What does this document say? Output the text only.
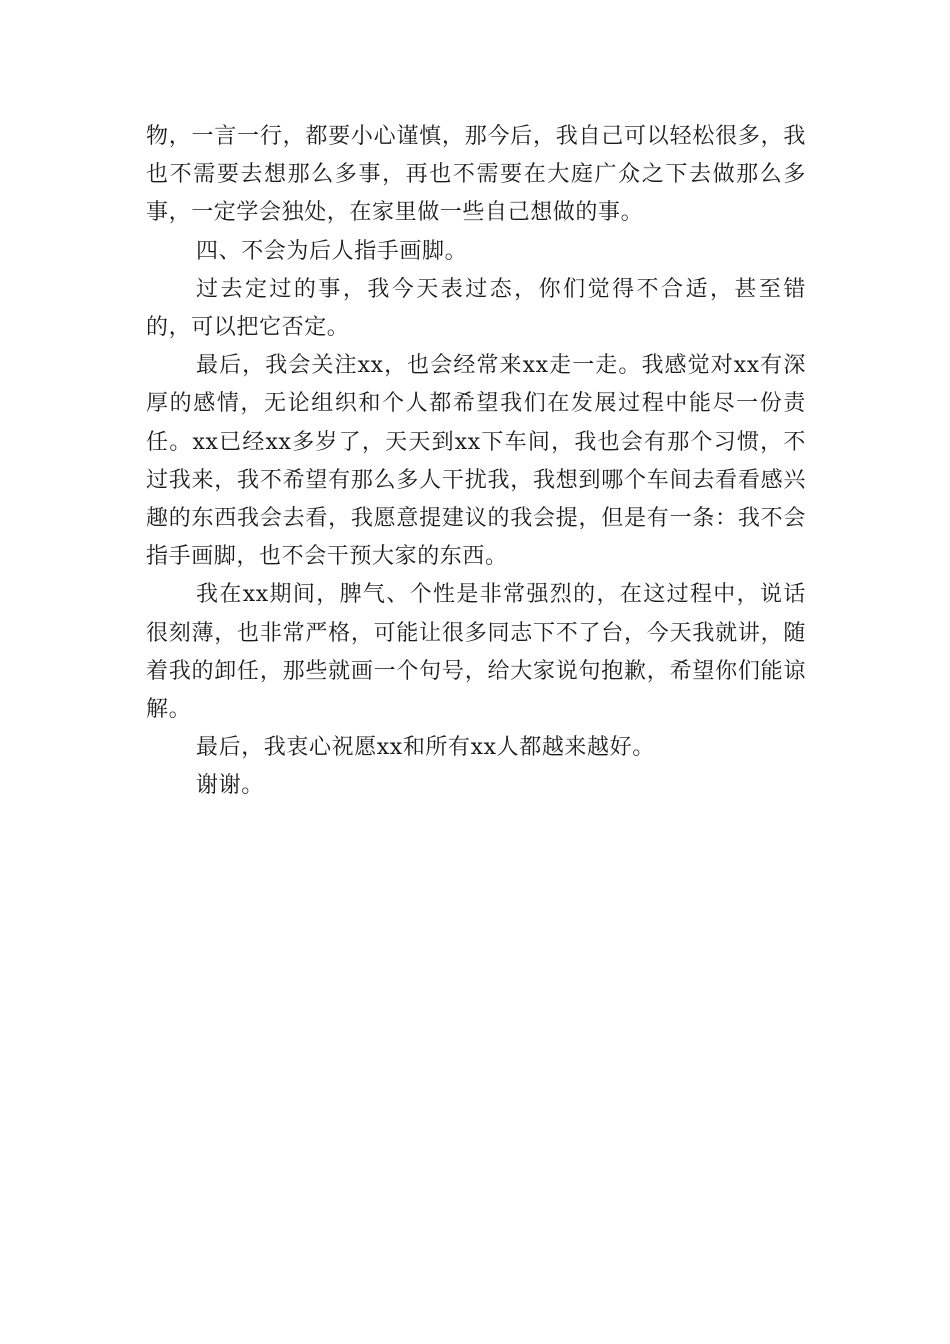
物，一言一行，都要小心谨慎，那今后，我自己可以轻松很多，我也不需要去想那么多事，再也不需要在大庭广众之下去做那么多事，一定学会独处，在家里做一些自己想做的事。

四、不会为后人指手画脚。

过去定过的事，我今天表过态，你们觉得不合适，甚至错的，可以把它否定。

最后，我会关注xx，也会经常来xx走一走。我感觉对xx有深厚的感情，无论组织和个人都希望我们在发展过程中能尽一份责任。xx已经xx多岁了，天天到xx下车间，我也会有那个习惯，不过我来，我不希望有那么多人干扰我，我想到哪个车间去看看感兴趣的东西我会去看，我愿意提建议的我会提，但是有一条：我不会指手画脚，也不会干预大家的东西。

我在xx期间，脾气、个性是非常强烈的，在这过程中，说话很刻薄，也非常严格，可能让很多同志下不了台，今天我就讲，随着我的卸任，那些就画一个句号，给大家说句抱歉，希望你们能谅解。

最后，我衷心祝愿xx和所有xx人都越来越好。

谢谢。
